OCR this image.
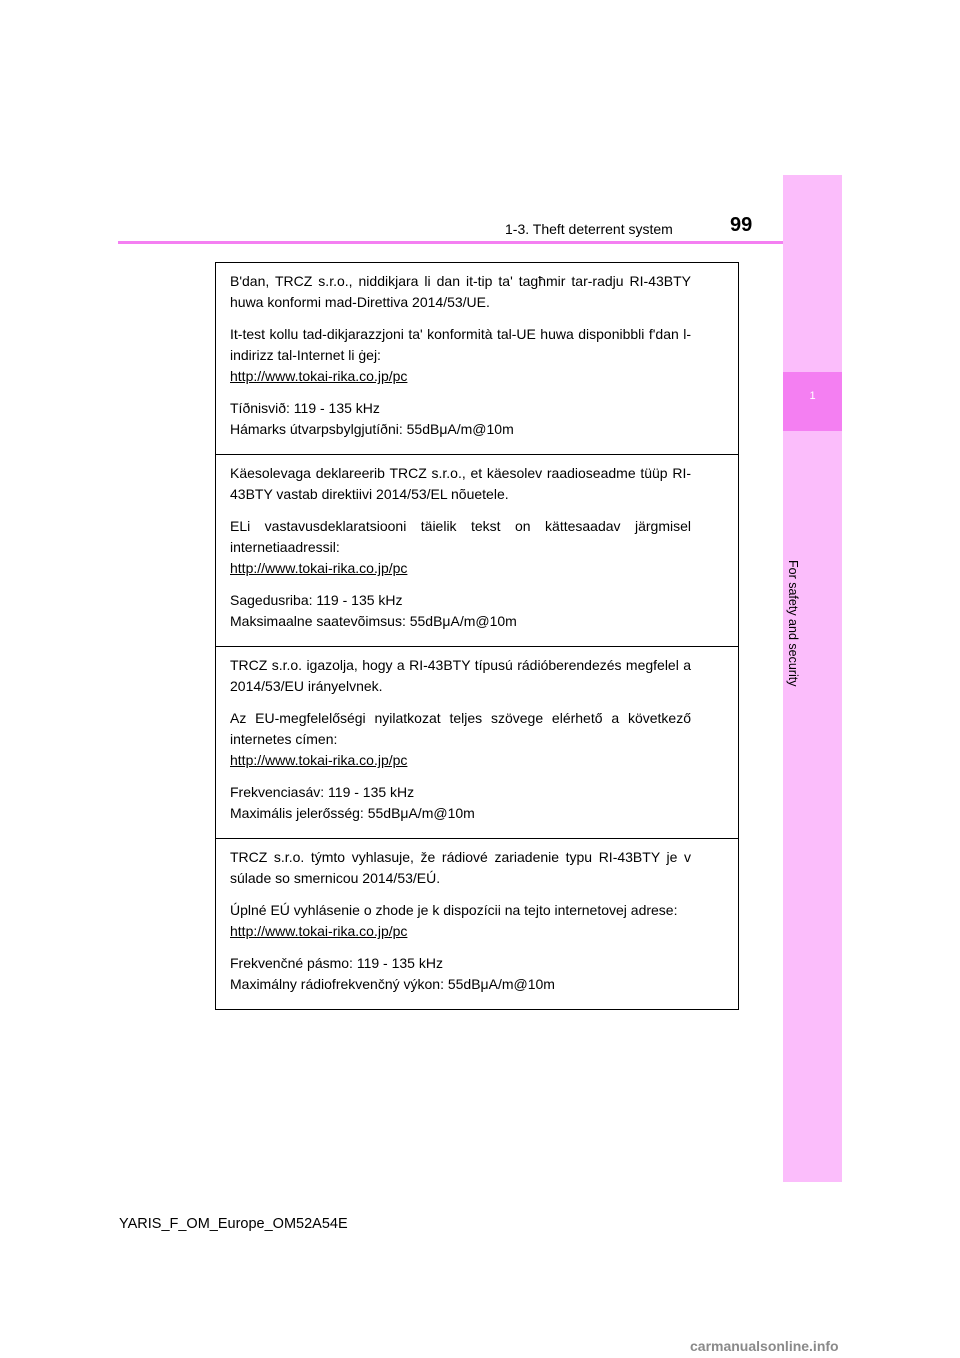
1
For safety and security
1-3. Theft deterrent system	99

B'dan, TRCZ s.r.o., niddikjara li dan it-tip ta' tagħmir tar-radju RI-43BTY huwa konformi mad-Direttiva 2014/53/UE.

It-test kollu tad-dikjarazzjoni ta' konformità tal-UE huwa disponibbli f'dan l-indirizz tal-Internet li ġej:

http://www.tokai-rika.co.jp/pc

Tíðnisvið: 119 - 135 kHz

Hámarks útvarpsbylgjutíðni: 55dBμA/m@10m

Käesolevaga deklareerib TRCZ s.r.o., et käesolev raadioseadme tüüp RI-43BTY vastab direktiivi 2014/53/EL nõuetele.

ELi vastavusdeklaratsiooni täielik tekst on kättesaadav järgmisel internetiaadressil:

http://www.tokai-rika.co.jp/pc

Sagedusriba: 119 - 135 kHz

Maksimaalne saatevõimsus: 55dBμA/m@10m

TRCZ s.r.o. igazolja, hogy a RI-43BTY típusú rádióberendezés megfelel a 2014/53/EU irányelvnek.

Az EU-megfelelőségi nyilatkozat teljes szövege elérhető a következő internetes címen:

http://www.tokai-rika.co.jp/pc

Frekvenciasáv: 119 - 135 kHz

Maximális jelerősség: 55dBμA/m@10m

TRCZ s.r.o. týmto vyhlasuje, že rádiové zariadenie typu RI-43BTY je v súlade so smernicou 2014/53/EÚ.

Úplné EÚ vyhlásenie o zhode je k dispozícii na tejto internetovej adrese:

http://www.tokai-rika.co.jp/pc

Frekvenčné pásmo: 119 - 135 kHz

Maximálny rádiofrekvenčný výkon: 55dBμA/m@10m

YARIS_F_OM_Europe_OM52A54E
carmanualsonline.info
